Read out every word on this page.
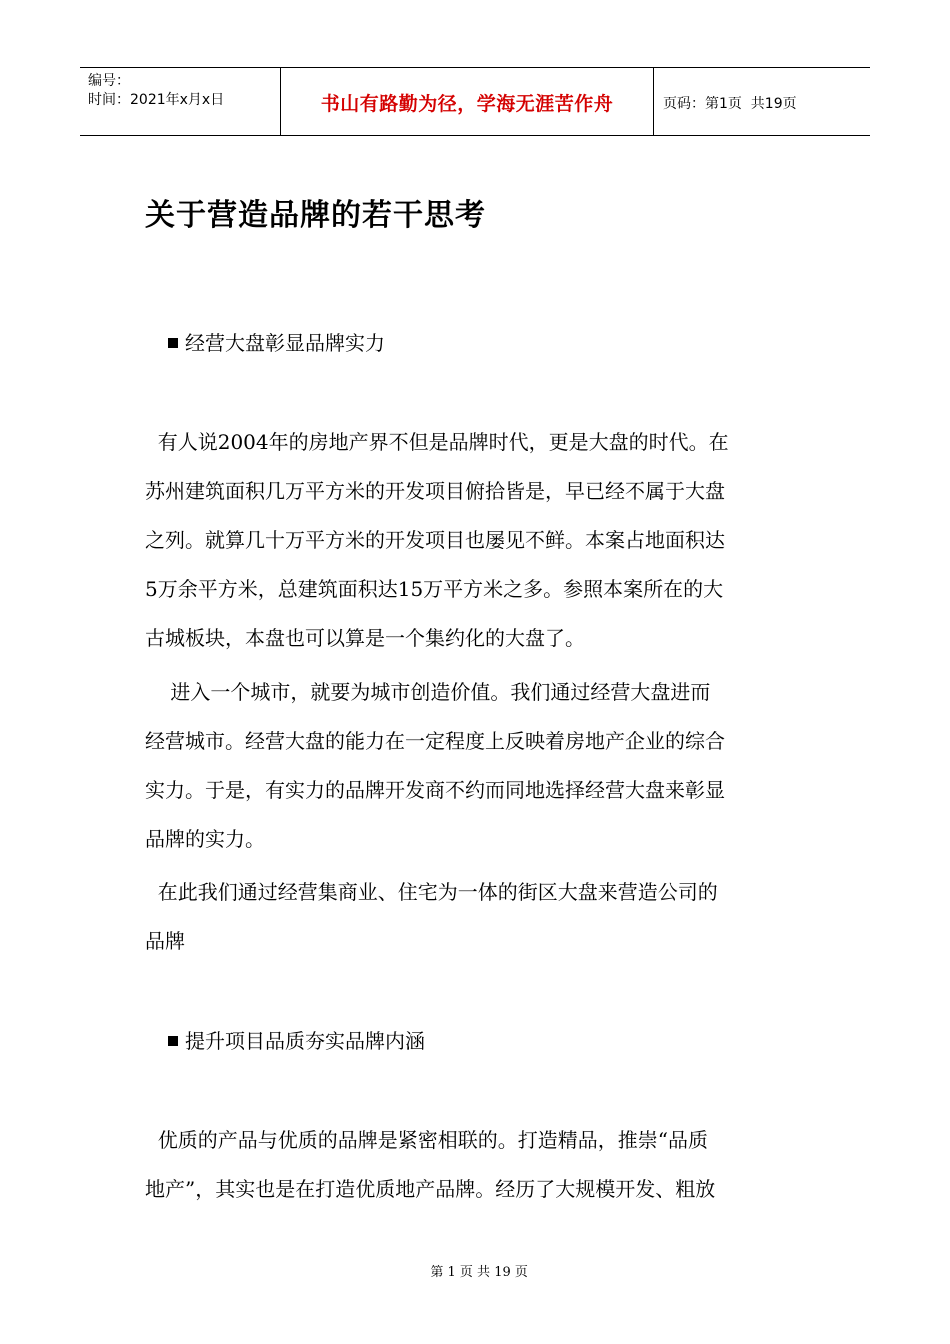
编号：
时间：2021年x月x日	书山有路勤为径，学海无涯苦作舟	页码：第1页  共19页
关于营造品牌的若干思考
经营大盘彰显品牌实力
有人说2004年的房地产界不但是品牌时代，更是大盘的时代。在
苏州建筑面积几万平方米的开发项目俯拾皆是，早已经不属于大盘
之列。就算几十万平方米的开发项目也屡见不鲜。本案占地面积达
5万余平方米，总建筑面积达15万平方米之多。参照本案所在的大
古城板块，本盘也可以算是一个集约化的大盘了。
进入一个城市，就要为城市创造价值。我们通过经营大盘进而
经营城市。经营大盘的能力在一定程度上反映着房地产企业的综合
实力。于是，有实力的品牌开发商不约而同地选择经营大盘来彰显
品牌的实力。
在此我们通过经营集商业、住宅为一体的街区大盘来营造公司的
品牌
提升项目品质夯实品牌内涵
优质的产品与优质的品牌是紧密相联的。打造精品，推崇“品质
地产”，其实也是在打造优质地产品牌。经历了大规模开发、粗放

第 1 页 共 19 页
